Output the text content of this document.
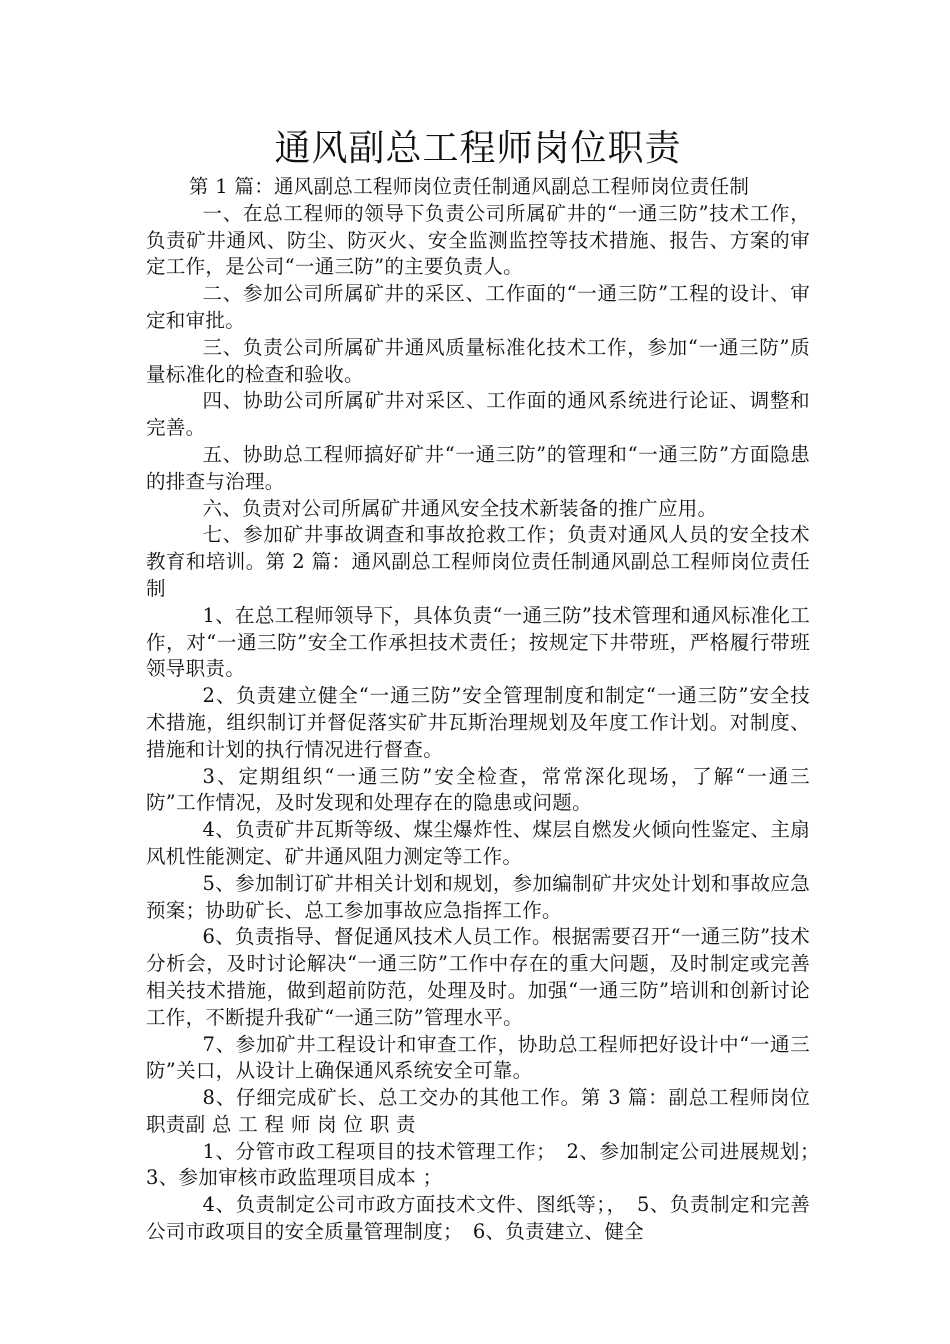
通风副总工程师岗位职责

第 1 篇：通风副总工程师岗位责任制通风副总工程师岗位责任制

一、在总工程师的领导下负责公司所属矿井的“一通三防”技术工作，负责矿井通风、防尘、防灭火、安全监测监控等技术措施、报告、方案的审定工作，是公司“一通三防”的主要负责人。

二、参加公司所属矿井的采区、工作面的“一通三防”工程的设计、审定和审批。

三、负责公司所属矿井通风质量标准化技术工作，参加“一通三防”质量标准化的检查和验收。

四、协助公司所属矿井对采区、工作面的通风系统进行论证、调整和完善。

五、协助总工程师搞好矿井“一通三防”的管理和“一通三防”方面隐患的排查与治理。

六、负责对公司所属矿井通风安全技术新装备的推广应用。

七、参加矿井事故调查和事故抢救工作；负责对通风人员的安全技术教育和培训。第 2 篇：通风副总工程师岗位责任制通风副总工程师岗位责任制

1、在总工程师领导下，具体负责“一通三防”技术管理和通风标准化工作，对“一通三防”安全工作承担技术责任；按规定下井带班，严格履行带班领导职责。

2、负责建立健全“一通三防”安全管理制度和制定“一通三防”安全技术措施，组织制订并督促落实矿井瓦斯治理规划及年度工作计划。对制度、措施和计划的执行情况进行督查。

3、定期组织“一通三防”安全检查，常常深化现场，了解“一通三防”工作情况，及时发现和处理存在的隐患或问题。

4、负责矿井瓦斯等级、煤尘爆炸性、煤层自燃发火倾向性鉴定、主扇风机性能测定、矿井通风阻力测定等工作。

5、参加制订矿井相关计划和规划，参加编制矿井灾处计划和事故应急预案；协助矿长、总工参加事故应急指挥工作。

6、负责指导、督促通风技术人员工作。根据需要召开“一通三防”技术分析会，及时讨论解决“一通三防”工作中存在的重大问题，及时制定或完善相关技术措施，做到超前防范，处理及时。加强“一通三防”培训和创新讨论工作，不断提升我矿“一通三防”管理水平。

7、参加矿井工程设计和审查工作，协助总工程师把好设计中“一通三防”关口，从设计上确保通风系统安全可靠。

8、仔细完成矿长、总工交办的其他工作。第 3 篇：副总工程师岗位职责副 总 工 程 师 岗 位 职 责

1、分管市政工程项目的技术管理工作；　2、参加制定公司进展规划；　3、参加审核市政监理项目成本 ；

4、负责制定公司市政方面技术文件、图纸等；，　5、负责制定和完善公司市政项目的安全质量管理制度；　6、负责建立、健全
